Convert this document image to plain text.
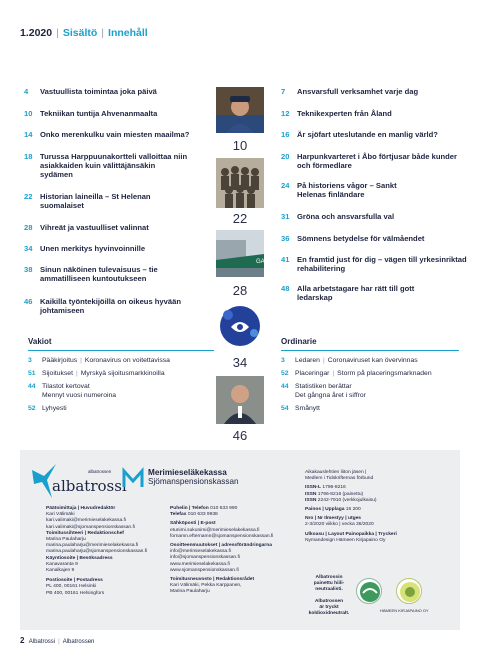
1.2020 | Sisältö | Innehåll
4	Vastuullista toimintaa joka päivä
10 Tekniikan tuntija Ahvenanmaalta
14 Onko merenkulku vain miesten maailma?
18 Turussa Harppuunakortteli valloittaa niin asiakkaiden kuin välittäjänsäkin sydämen
22 Historian laineilla – St Helenan suomalaiset
28 Vihreät ja vastuulliset valinnat
34 Unen merkitys hyvinvoinnille
38 Sinun näköinen tulevaisuus – tie ammatilliseen kuntoutukseen
46 Kaikilla työntekijöillä on oikeus hyvään johtamiseen
7	Ansvarsfull verksamhet varje dag
12 Teknikexperten från Åland
16 Är sjöfart uteslutande en manlig värld?
20 Harpunkvarteret i Åbo förtjusar både kunder och förmedlare
24 På historiens vågor – Sankt Helenas finländare
31 Gröna och ansvarsfulla val
36 Sömnens betydelse för välmåendet
41 En framtid just för dig – vägen till yrkesinriktad rehabilitering
48 Alla arbetstagare har rätt till gott ledarskap
10
22
GAS
28
34
46
Vakiot
3	Pääkirjoitus | Koronavirus on voitettavissa
51 Sijoitukset | Myrskyä sijoitusmarkkinoilla
44 Tilastot kertovat
Mennyt vuosi numeroina
52 Lyhyesti
Ordinarie
3	Ledaren | Coronaviruset kan övervinnas
52 Placeringar | Storm på placeringsmarknaden
44 Statistiken berättar
Det gångna året i siffror
54 Smånytt
albatrossen
albatrossi
Merimieseläkekassa
Sjömanspensionskassan
Päätoimittaja | Huvudredaktör
Kari Välimäki
kari.valimaki@merimieselakekassa.fi
kari.valimaki@sjomanspensionskassan.fi
Toimitussihteeri | Redaktionschef
Marina Paulaharju
marina.paulaharju@merimieselakekassa.fi
marina.paulaharju@sjomanspensionskassan.fi
Käyntiosoite | Besöksadress
Kanavaranta 9
Kanalkajen 9
Postiosoite | Postadress
PL 400, 00161 Helsinki
PB 400, 00161 Helsingfors
Puhelin | Telefon 010 633 990
Telefax 010 633 9938
Sähköposti | E-post
etunimi.sukunimi@merimieselakekassa.fi
fornamn.efternamn@sjomanspensionskassan.fi
Osoitteenmuutokset | adressförändringarna
info@merimieselakekassa.fi
info@sjomanspensionskassan.fi
www.merimieselakekassa.fi
www.sjomanspensionskassan.fi
Toimitusneuvosto | Redaktionsrådet
Kari Välimäki, Pekka Karppanen,
Marina Paulaharju
Aikakauslehtien liiton jäsen |
Medlem i Tidskrifternas förbund
ISSN-L 1796-8216
ISSN 1796-8216 (painettu)
ISSN 2242-7910 (verkkojulkaisu)
Painos | Upplaga 15 200
Nro | Nr Ilmestyy | utges
2-3/2020 viikko | vecka 36/2020
Ulkoasu | Layout Painopaikka | Tryckeri
Nymandesign Hämeen Kirjapaino Oy
Albatrossin
painettu hiili-
neutraalisti.
Albatrossen
är tryckt
koldioxidneutralt.
HÄMEEN KIRJAPAINO OY
2 Albatrossi | Albatrossen
